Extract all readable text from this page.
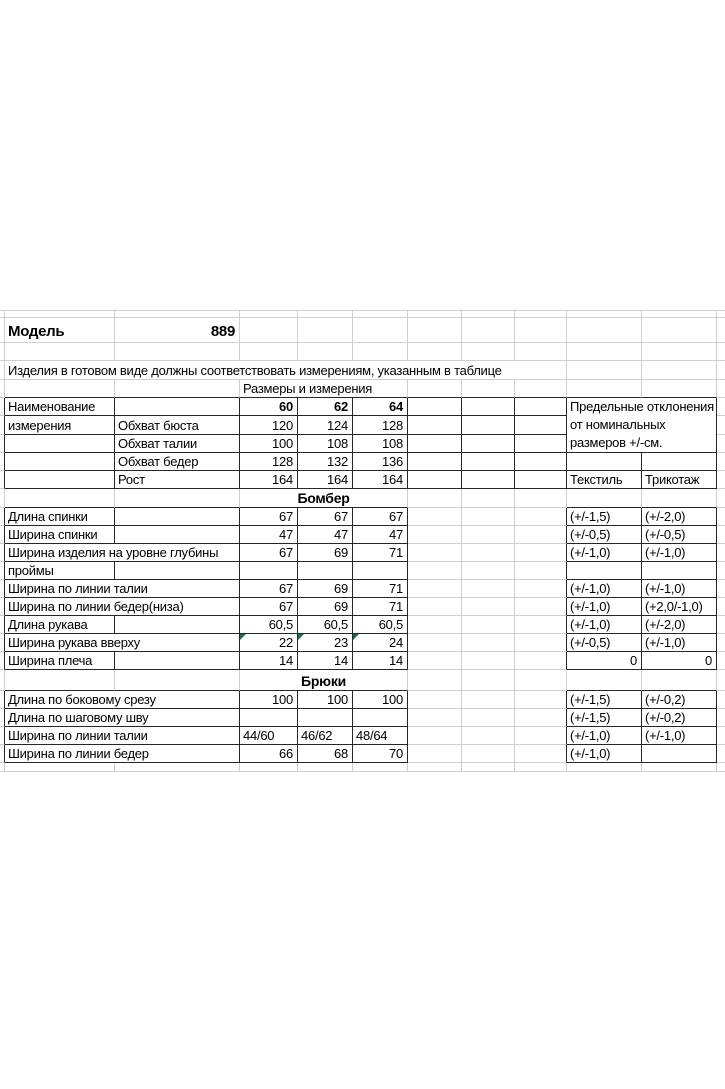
	Модель	889									

	Изделия в готовом виде должны соответствовать измерениям, указанным в таблице										
			Размеры и измерения								
	Наименование		60	62	64				Предельные отклонения
от номинальных
размеров +/-см.		

	измерения	Обхват бюста	120	124	128						
		Обхват талии	100	108	108						
		Обхват бедер	128	132	136						
		Рост	164	164	164				Текстиль	Трикотаж	
			Бомбер								
	Длина спинки		67	67	67				(+/-1,5)	(+/-2,0)	
	Ширина спинки		47	47	47				(+/-0,5)	(+/-0,5)	
	Ширина изделия на уровне глубины		67	69	71				(+/-1,0)	(+/-1,0)	
	проймы										
	Ширина по линии талии		67	69	71				(+/-1,0)	(+/-1,0)	
	Ширина по линии бедер(низа)		67	69	71				(+/-1,0)	(+2,0/-1,0)	
	Длина рукава		60,5	60,5	60,5				(+/-1,0)	(+/-2,0)	
	Ширина рукава вверху		22	23	24				(+/-0,5)	(+/-1,0)	
	Ширина плеча		14	14	14				0	0	
			Брюки								
	Длина по боковому срезу		100	100	100				(+/-1,5)	(+/-0,2)	
	Длина по шаговому шву								(+/-1,5)	(+/-0,2)	
	Ширина по линии талии		44/60	46/62	48/64				(+/-1,0)	(+/-1,0)	
	Ширина по линии бедер		66	68	70				(+/-1,0)		
